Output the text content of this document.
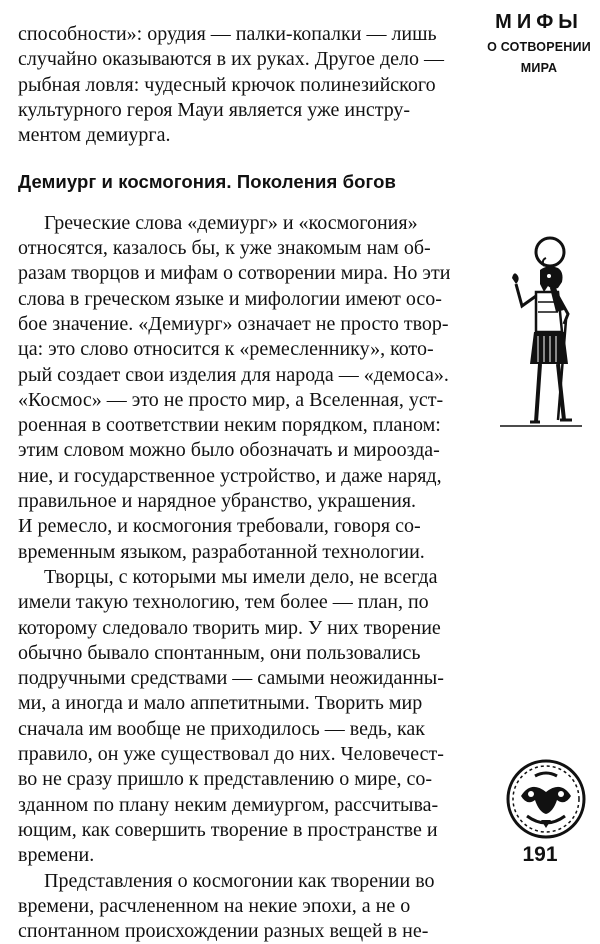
способности»: орудия — палки-копалки — лишь
случайно оказываются в их руках. Другое дело —
рыбная ловля: чудесный крючок полинезийского
культурного героя Мауи является уже инстру-
ментом демиурга.
Демиург и космогония. Поколения богов
Греческие слова «демиург» и «космогония»
относятся, казалось бы, к уже знакомым нам об-
разам творцов и мифам о сотворении мира. Но эти
слова в греческом языке и мифологии имеют осо-
бое значение. «Демиург» означает не просто твор-
ца: это слово относится к «ремесленнику», кото-
рый создает свои изделия для народа — «демоса».
«Космос» — это не просто мир, а Вселенная, уст-
роенная в соответствии неким порядком, планом:
этим словом можно было обозначать и мироозда-
ние, и государственное устройство, и даже наряд,
правильное и нарядное убранство, украшения.
И ремесло, и космогония требовали, говоря со-
временным языком, разработанной технологии.
Творцы, с которыми мы имели дело, не всегда
имели такую технологию, тем более — план, по
которому следовало творить мир. У них творение
обычно бывало спонтанным, они пользовались
подручными средствами — самыми неожиданны-
ми, а иногда и мало аппетитными. Творить мир
сначала им вообще не приходилось — ведь, как
правило, он уже существовал до них. Человечест-
во не сразу пришло к представлению о мире, со-
зданном по плану неким демиургом, рассчитыва-
ющим, как совершить творение в пространстве и
времени.
Представления о космогонии как творении во
времени, расчлененном на некие эпохи, а не о
спонтанном происхождении разных вещей в не-
МИФЫ
О СОТВОРЕНИИ
МИРА
191
